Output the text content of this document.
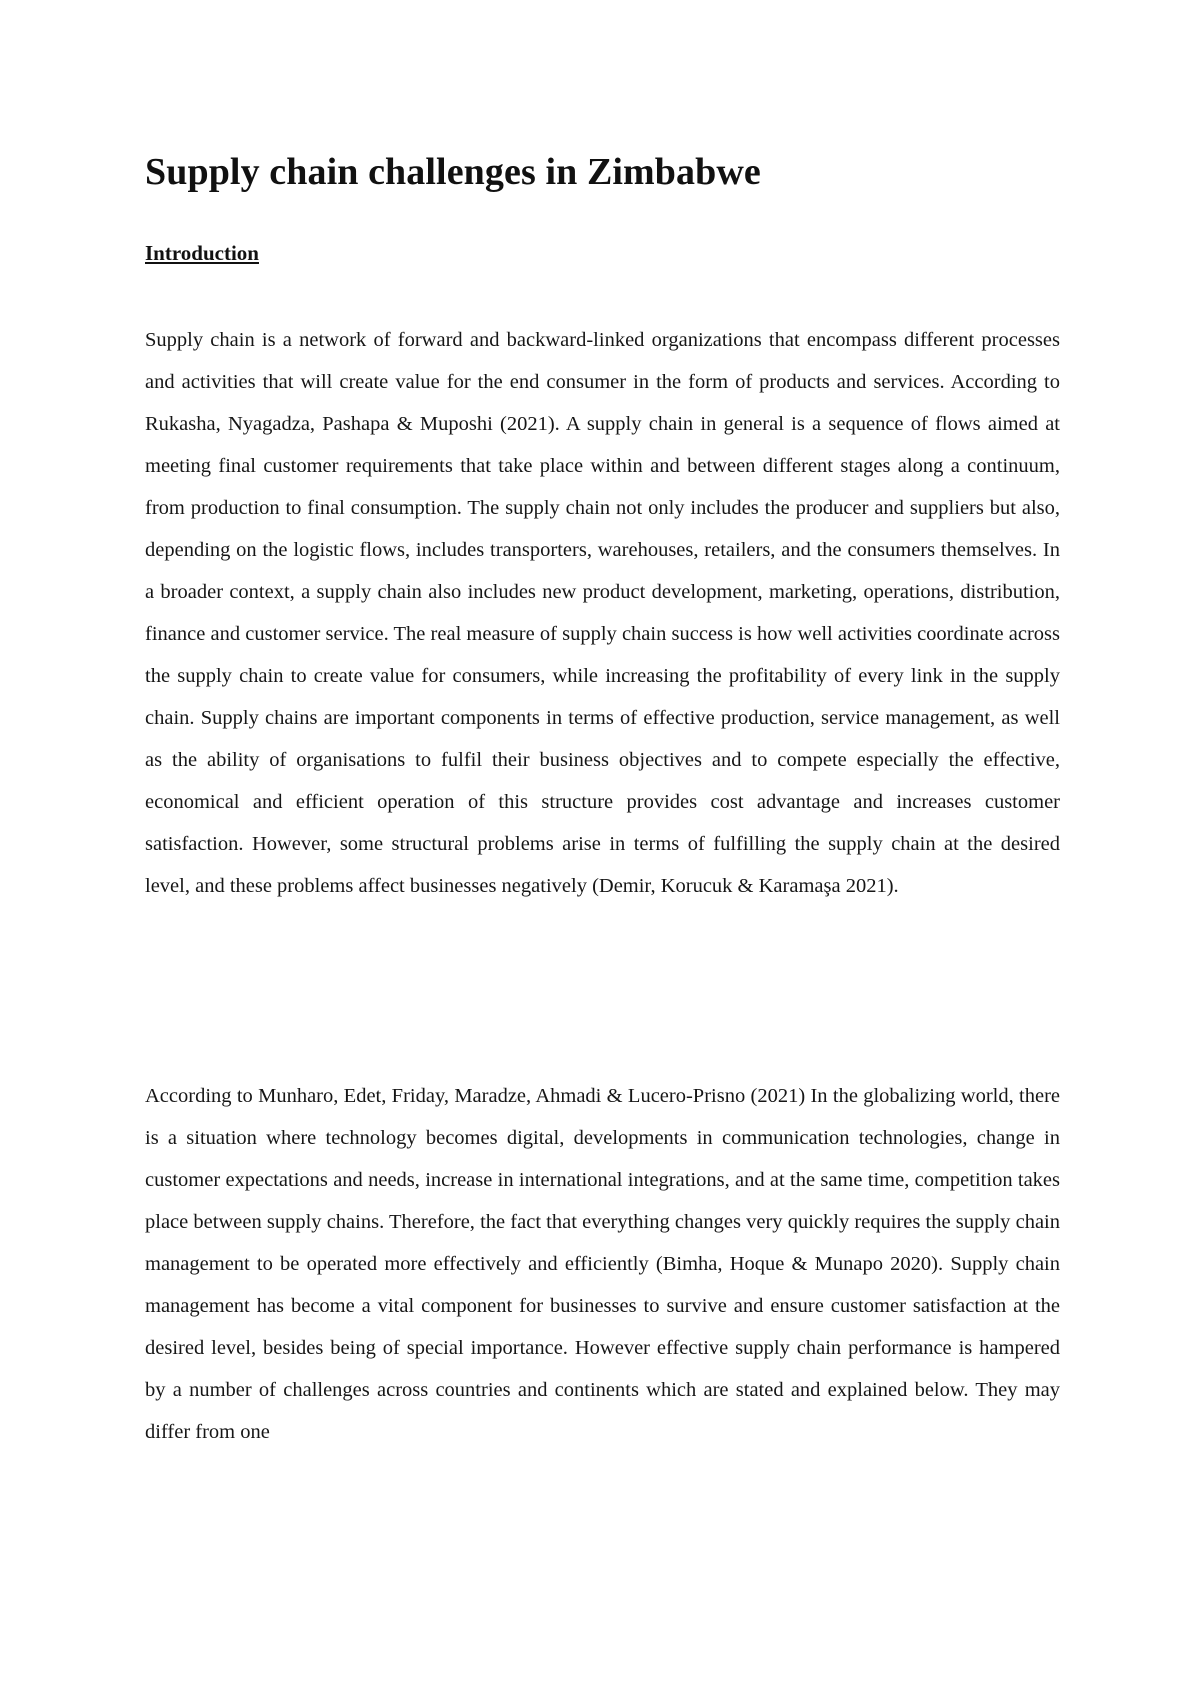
Supply chain challenges in Zimbabwe
Introduction

Supply chain is a network of forward and backward-linked organizations that encompass different processes and activities that will create value for the end consumer in the form of products and services. According to Rukasha, Nyagadza, Pashapa & Muposhi (2021). A supply chain in general is a sequence of flows aimed at meeting final customer requirements that take place within and between different stages along a continuum, from production to final consumption. The supply chain not only includes the producer and suppliers but also, depending on the logistic flows, includes transporters, warehouses, retailers, and the consumers themselves. In a broader context, a supply chain also includes new product development, marketing, operations, distribution, finance and customer service. The real measure of supply chain success is how well activities coordinate across the supply chain to create value for consumers, while increasing the profitability of every link in the supply chain. Supply chains are important components in terms of effective production, service management, as well as the ability of organisations to fulfil their business objectives and to compete especially the effective, economical and efficient operation of this structure provides cost advantage and increases customer satisfaction. However, some structural problems arise in terms of fulfilling the supply chain at the desired level, and these problems affect businesses negatively (Demir, Korucuk & Karamaşa 2021).

According to Munharo, Edet, Friday, Maradze, Ahmadi & Lucero-Prisno (2021) In the globalizing world, there is a situation where technology becomes digital, developments in communication technologies, change in customer expectations and needs, increase in international integrations, and at the same time, competition takes place between supply chains. Therefore, the fact that everything changes very quickly requires the supply chain management to be operated more effectively and efficiently (Bimha, Hoque & Munapo 2020). Supply chain management has become a vital component for businesses to survive and ensure customer satisfaction at the desired level, besides being of special importance. However effective supply chain performance is hampered by a number of challenges across countries and continents which are stated and explained below. They may differ from one
